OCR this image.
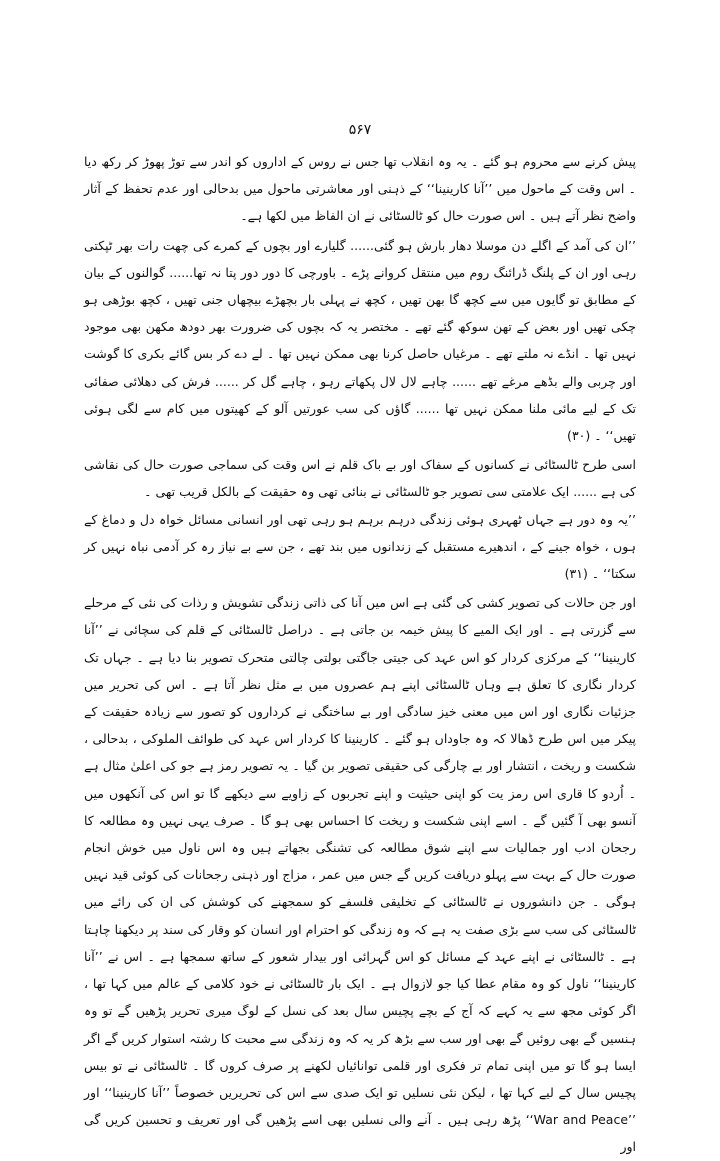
۵۶۷

پیش کرنے سے محروم ہو گئے ۔ یہ وہ انقلاب تھا جس نے روس کے اداروں کو اندر سے توڑ پھوڑ کر رکھ دیا ۔ اس وقت کے ماحول میں ’’آنا کارینینا‘‘ کے ذہنی اور معاشرتی ماحول میں بدحالی اور عدم تحفظ کے آثار واضح نظر آتے ہیں ۔ اس صورت حال کو ٹالسٹائی نے ان الفاظ میں لکھا ہے۔

’’ان کی آمد کے اگلے دن موسلا دھار بارش ہو گئی...... گلیارے اور بچوں کے کمرے کی چھت رات بھر ٹپکتی رہی اور ان کے پلنگ ڈرائنگ روم میں منتقل کروانے پڑے ۔ باورچی کا دور دور پتا نہ تھا...... گوالنوں کے بیان کے مطابق تو گایوں میں سے کچھ گا بھن تھیں ، کچھ نے پہلی بار بچھڑے بیچھاں جنی تھیں ، کچھ بوڑھی ہو چکی تھیں اور بعض کے تھن سوکھ گئے تھے ۔ مختصر یہ کہ بچوں کی ضرورت بھر دودھ مکھن بھی موجود نہیں تھا ۔ انڈے نہ ملتے تھے ۔ مرغیاں حاصل کرنا بھی ممکن نہیں تھا ۔ لے دے کر بس گائے بکری کا گوشت اور چربی والے بڈھے مرغے تھے ...... چاہے لال لال پکھاتے رہو ، چاہے گل کر ...... فرش کی دھلائی صفائی تک کے لیے مائی ملنا ممکن نہیں تھا ...... گاؤں کی سب عورتیں آلو کے کھیتوں میں کام سے لگی ہوئی تھیں‘‘ ۔ (۳۰)

اسی طرح ٹالسٹائی نے کسانوں کے سفاک اور بے باک قلم نے اس وقت کی سماجی صورت حال کی نقاشی کی ہے ...... ایک علامتی سی تصویر جو ٹالسٹائی نے بنائی تھی وہ حقیقت کے بالکل قریب تھی ۔

’’یہ وہ دور ہے جہاں ٹھہری ہوئی زندگی درہم برہم ہو رہی تھی اور انسانی مسائل خواہ دل و دماغ کے ہوں ، خواہ جینے کے ، اندھیرے مستقبل کے زندانوں میں بند تھے ، جن سے بے نیاز رہ کر آدمی نباہ نہیں کر سکتا‘‘ ۔ (۳۱)

اور جن حالات کی تصویر کشی کی گئی ہے اس میں آنا کی ذاتی زندگی تشویش و رذات کی نئی کے مرحلے سے گزرتی ہے ۔ اور ایک المیے کا پیش خیمہ بن جاتی ہے ۔ دراصل ٹالسٹائی کے قلم کی سچائی نے ’’آنا کارینینا‘‘ کے مرکزی کردار کو اس عہد کی جیتی جاگتی بولتی چالتی متحرک تصویر بنا دیا ہے ۔ جہاں تک کردار نگاری کا تعلق ہے وہاں ٹالسٹائی اپنے ہم عصروں میں بے مثل نظر آتا ہے ۔ اس کی تحریر میں جزئیات نگاری اور اس میں معنی خیز سادگی اور بے ساختگی نے کرداروں کو تصور سے زیادہ حقیقت کے پیکر میں اس طرح ڈھالا کہ وہ جاوداں ہو گئے ۔ کارینینا کا کردار اس عہد کی طوائف الملوکی ، بدحالی ، شکست و ریخت ، انتشار اور بے چارگی کی حقیقی تصویر بن گیا ۔ یہ تصویر رمز ہے جو کی اعلیٰ مثال ہے ۔ اُردو کا قاری اس رمز یت کو اپنی حیثیت و اپنے تجربوں کے زاویے سے دیکھے گا تو اس کی آنکھوں میں آنسو بھی آ گئیں گے ۔ اسے اپنی شکست و ریخت کا احساس بھی ہو گا ۔ صرف یہی نہیں وہ مطالعہ کا رجحان ادب اور جمالیات سے اپنے شوق مطالعہ کی تشنگی بجھاتے ہیں وہ اس ناول میں خوش انجام صورت حال کے بہت سے پہلو دریافت کریں گے جس میں عمر ، مزاج اور ذہنی رجحانات کی کوئی قید نہیں ہوگی ۔ جن دانشوروں نے ٹالسٹائی کے تخلیقی فلسفے کو سمجھنے کی کوشش کی ان کی رائے میں ٹالسٹائی کی سب سے بڑی صفت یہ ہے کہ وہ زندگی کو احترام اور انسان کو وقار کی سند پر دیکھنا چاہتا ہے ۔ ٹالسٹائی نے اپنے عہد کے مسائل کو اس گہرائی اور بیدار شعور کے ساتھ سمجھا ہے ۔ اس نے ’’آنا کارینینا‘‘ ناول کو وہ مقام عطا کیا جو لازوال ہے ۔ ایک بار ٹالسٹائی نے خود کلامی کے عالم میں کہا تھا ، اگر کوئی مجھ سے یہ کہے کہ آج کے بچے پچیس سال بعد کی نسل کے لوگ میری تحریر پڑھیں گے تو وہ ہنسیں گے بھی روئیں گے بھی اور سب سے بڑھ کر یہ کہ وہ زندگی سے محبت کا رشتہ استوار کریں گے اگر ایسا ہو گا تو میں اپنی تمام تر فکری اور قلمی توانائیاں لکھنے پر صرف کروں گا ۔ ٹالسٹائی نے تو بیس پچیس سال کے لیے کہا تھا ، لیکن نئی نسلیں تو ایک صدی سے اس کی تحریریں خصوصاً ’’آنا کارینینا‘‘ اور ’’War and Peace‘‘ پڑھ رہی ہیں ۔ آنے والی نسلیں بھی اسے پڑھیں گی اور تعریف و تحسین کریں گی اور
